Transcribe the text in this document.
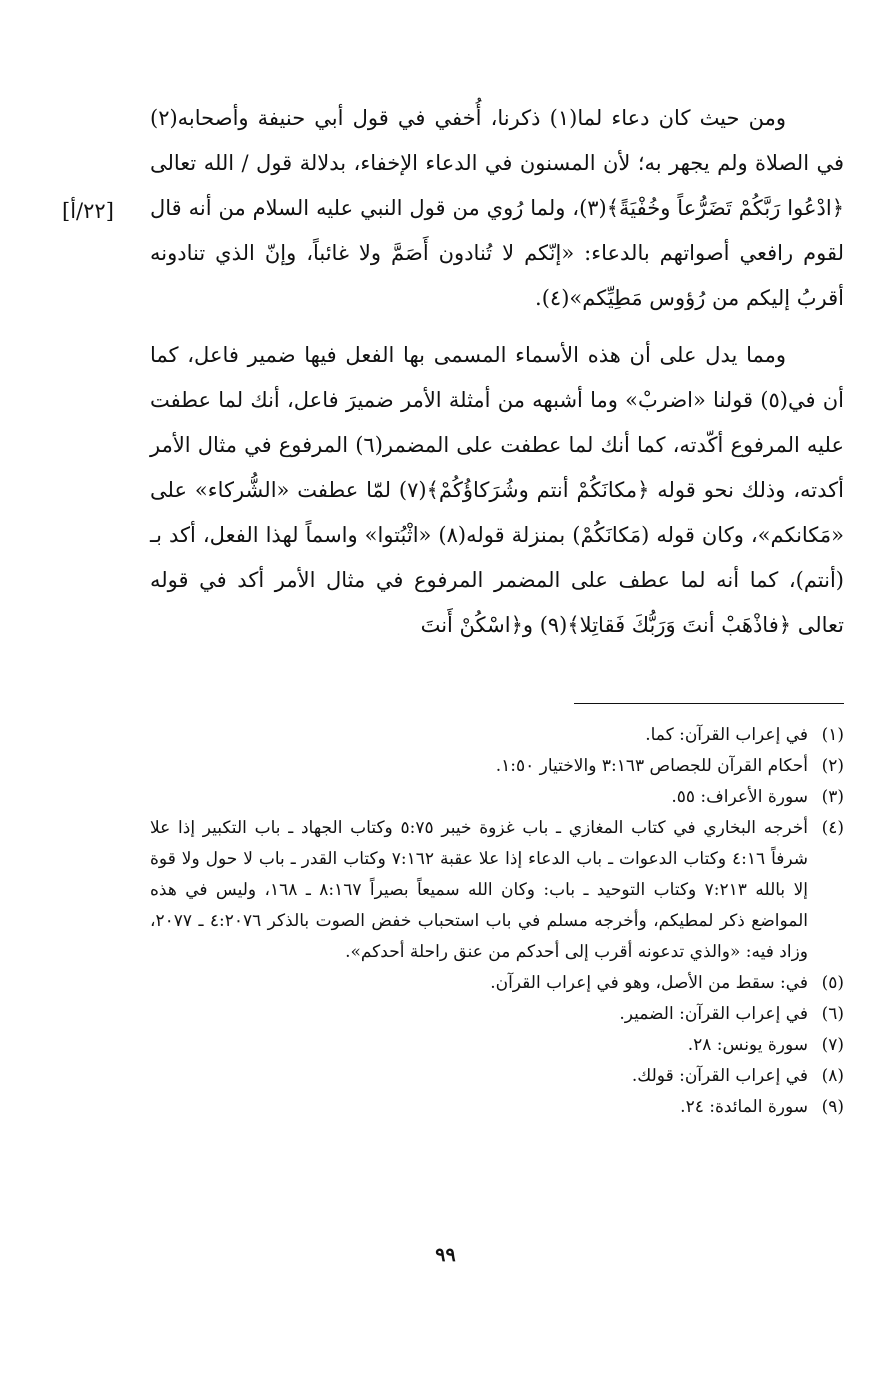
ومن حيث كان دعاء لما(١) ذكرنا، أُخفي في قول أبي حنيفة وأصحابه(٢) في الصلاة ولم يجهر به؛ لأن المسنون في الدعاء الإخفاء، بدلالة قول / الله تعالى ﴿ادْعُوا رَبَّكُمْ تَضَرُّعاً وخُفْيَةً﴾(٣)، ولما رُوي من قول النبي عليه السلام من أنه قال لقوم رافعي أصواتهم بالدعاء: «إنّكم لا تُنادون أَصَمَّ ولا غائباً، وإنّ الذي تنادونه أقربُ إليكم من رُؤوس مَطِيِّكم»(٤).

ومما يدل على أن هذه الأسماء المسمى بها الفعل فيها ضمير فاعل، كما أن في(٥) قولنا «اضربْ» وما أشبهه من أمثلة الأمر ضميرَ فاعل، أنك لما عطفت عليه المرفوع أكّدته، كما أنك لما عطفت على المضمر(٦) المرفوع في مثال الأمر أكدته، وذلك نحو قوله ﴿مكانَكُمْ أنتم وشُرَكاؤُكُمْ﴾(٧) لمّا عطفت «الشُّركاء» على «مَكانكم»، وكان قوله (مَكانَكُمْ) بمنزلة قوله(٨) «اثْبُتوا» واسماً لهذا الفعل، أكد بـ (أنتم)، كما أنه لما عطف على المضمر المرفوع في مثال الأمر أكد في قوله تعالى ﴿فاذْهَبْ أنتَ وَرَبُّكَ فَقاتِلا﴾(٩) و﴿اسْكُنْ أَنتَ

[٢٢/أ]
(١)
في إعراب القرآن: كما.
(٢)
أحكام القرآن للجصاص ٣:١٦٣ والاختيار ١:٥٠.
(٣)
سورة الأعراف: ٥٥.
(٤)
أخرجه البخاري في كتاب المغازي ـ باب غزوة خيبر ٥:٧٥ وكتاب الجهاد ـ باب التكبير إذا علا شرفاً ٤:١٦ وكتاب الدعوات ـ باب الدعاء إذا علا عقبة ٧:١٦٢ وكتاب القدر ـ باب لا حول ولا قوة إلا بالله ٧:٢١٣ وكتاب التوحيد ـ باب: وكان الله سميعاً بصيراً ٨:١٦٧ ـ ١٦٨، وليس في هذه المواضع ذكر لمطيكم، وأخرجه مسلم في باب استحباب خفض الصوت بالذكر ٤:٢٠٧٦ ـ ٢٠٧٧، وزاد فيه: «والذي تدعونه أقرب إلى أحدكم من عنق راحلة أحدكم».
(٥)
في: سقط من الأصل، وهو في إعراب القرآن.
(٦)
في إعراب القرآن: الضمير.
(٧)
سورة يونس: ٢٨.
(٨)
في إعراب القرآن: قولك.
(٩)
سورة المائدة: ٢٤.
٩٩
